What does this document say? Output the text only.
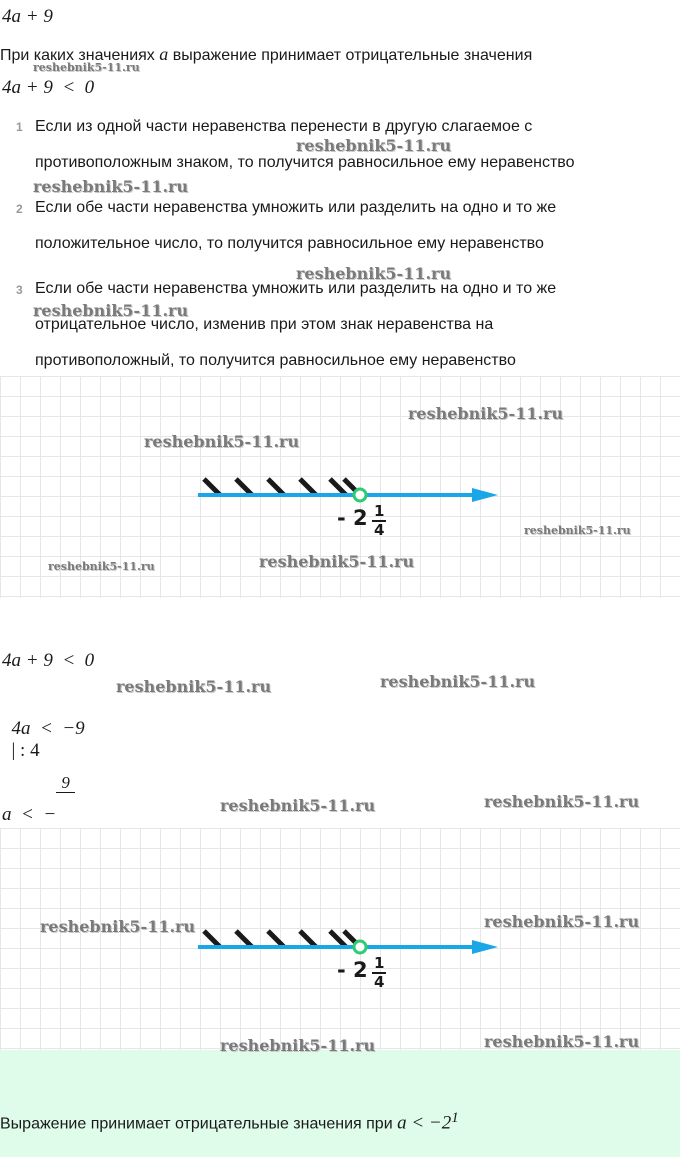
4a + 9
При каких значениях a выражение принимает отрицательные значения
4a + 9  <  0
1 Если из одной части неравенства перенести в другую слагаемое с
противоположным знаком, то получится равносильное ему неравенство
2 Если обе части неравенства умножить или разделить на одно и то же
положительное число, то получится равносильное ему неравенство
3 Если обе части неравенства умножить или разделить на одно и то же
отрицательное число, изменив при этом знак неравенства на
противоположный, то получится равносильное ему неравенство
- $2 \frac{1}{4}$
4a + 9  <  0

4a  <  −9
| : 4

a  <  −

9

- $2 \frac{1}{4}$
Выражение принимает отрицательные значения при $a < -2^1$
reshebnik5-11.ru
reshebnik5-11.ru
reshebnik5-11.ru
reshebnik5-11.ru
reshebnik5-11.ru
reshebnik5-11.ru
reshebnik5-11.ru
reshebnik5-11.ru
reshebnik5-11.ru
reshebnik5-11.ru
reshebnik5-11.ru
reshebnik5-11.ru
reshebnik5-11.ru
reshebnik5-11.ru
reshebnik5-11.ru
reshebnik5-11.ru
reshebnik5-11.ru
reshebnik5-11.ru
